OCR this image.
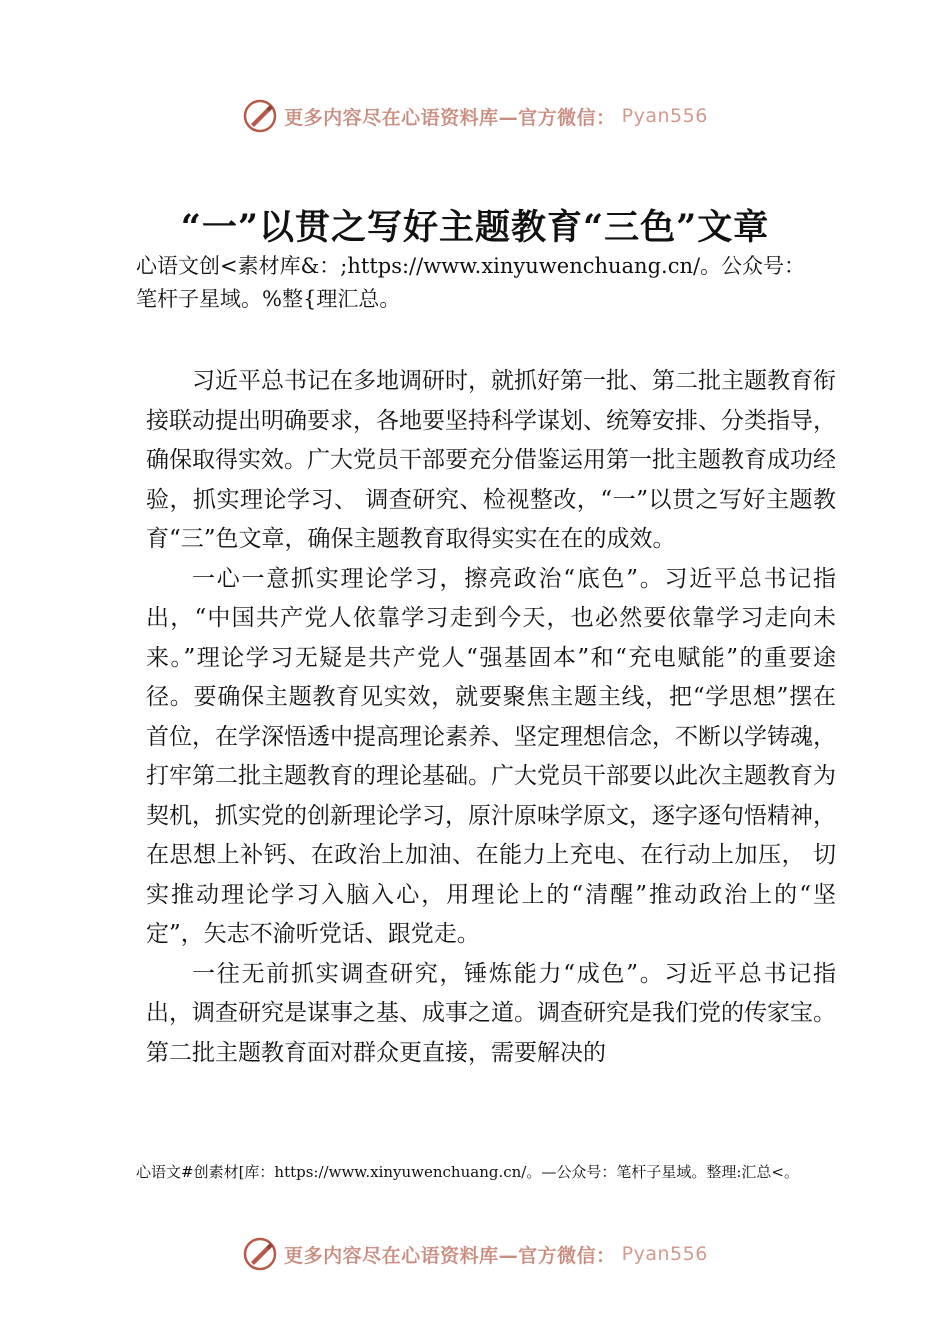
更多内容尽在心语资料库—官方微信： Pyan556
“一”以贯之写好主题教育“三色”文章

心语文创<素材库&：;https://www.xinyuwenchuang.cn/。公众号：笔杆子星域。%整{理汇总。

习近平总书记在多地调研时，就抓好第一批、第二批主题教育衔接联动提出明确要求，各地要坚持科学谋划、统筹安排、分类指导，确保取得实效。广大党员干部要充分借鉴运用第一批主题教育成功经验，抓实理论学习、 调查研究、检视整改，“一”以贯之写好主题教育“三”色文章，确保主题教育取得实实在在的成效。

一心一意抓实理论学习，擦亮政治“底色”。习近平总书记指出，“中国共产党人依靠学习走到今天，也必然要依靠学习走向未来。”理论学习无疑是共产党人“强基固本”和“充电赋能”的重要途径。要确保主题教育见实效，就要聚焦主题主线，把“学思想”摆在首位，在学深悟透中提高理论素养、坚定理想信念，不断以学铸魂，打牢第二批主题教育的理论基础。广大党员干部要以此次主题教育为契机，抓实党的创新理论学习，原汁原味学原文，逐字逐句悟精神，在思想上补钙、在政治上加油、在能力上充电、在行动上加压， 切实推动理论学习入脑入心，用理论上的“清醒”推动政治上的“坚定”，矢志不渝听党话、跟党走。

一往无前抓实调查研究，锤炼能力“成色”。习近平总书记指出，调查研究是谋事之基、成事之道。调查研究是我们党的传家宝。第二批主题教育面对群众更直接，需要解决的

心语文#创素材[库：https://www.xinyuwenchuang.cn/。—公众号：笔杆子星域。整理:汇总<。

更多内容尽在心语资料库—官方微信： Pyan556
